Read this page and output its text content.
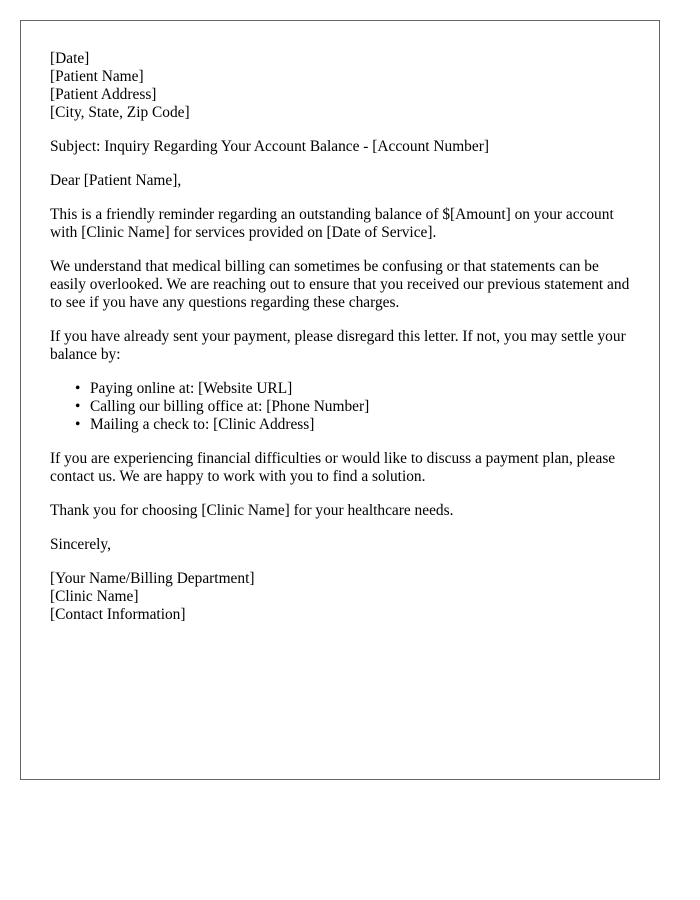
[Date]
[Patient Name]
[Patient Address]
[City, State, Zip Code]

Subject: Inquiry Regarding Your Account Balance - [Account Number]

Dear [Patient Name],

This is a friendly reminder regarding an outstanding balance of $[Amount] on your account with [Clinic Name] for services provided on [Date of Service].

We understand that medical billing can sometimes be confusing or that statements can be easily overlooked. We are reaching out to ensure that you received our previous statement and to see if you have any questions regarding these charges.

If you have already sent your payment, please disregard this letter. If not, you may settle your balance by:

• Paying online at: [Website URL]
• Calling our billing office at: [Phone Number]
• Mailing a check to: [Clinic Address]

If you are experiencing financial difficulties or would like to discuss a payment plan, please contact us. We are happy to work with you to find a solution.

Thank you for choosing [Clinic Name] for your healthcare needs.

Sincerely,

[Your Name/Billing Department]
[Clinic Name]
[Contact Information]
